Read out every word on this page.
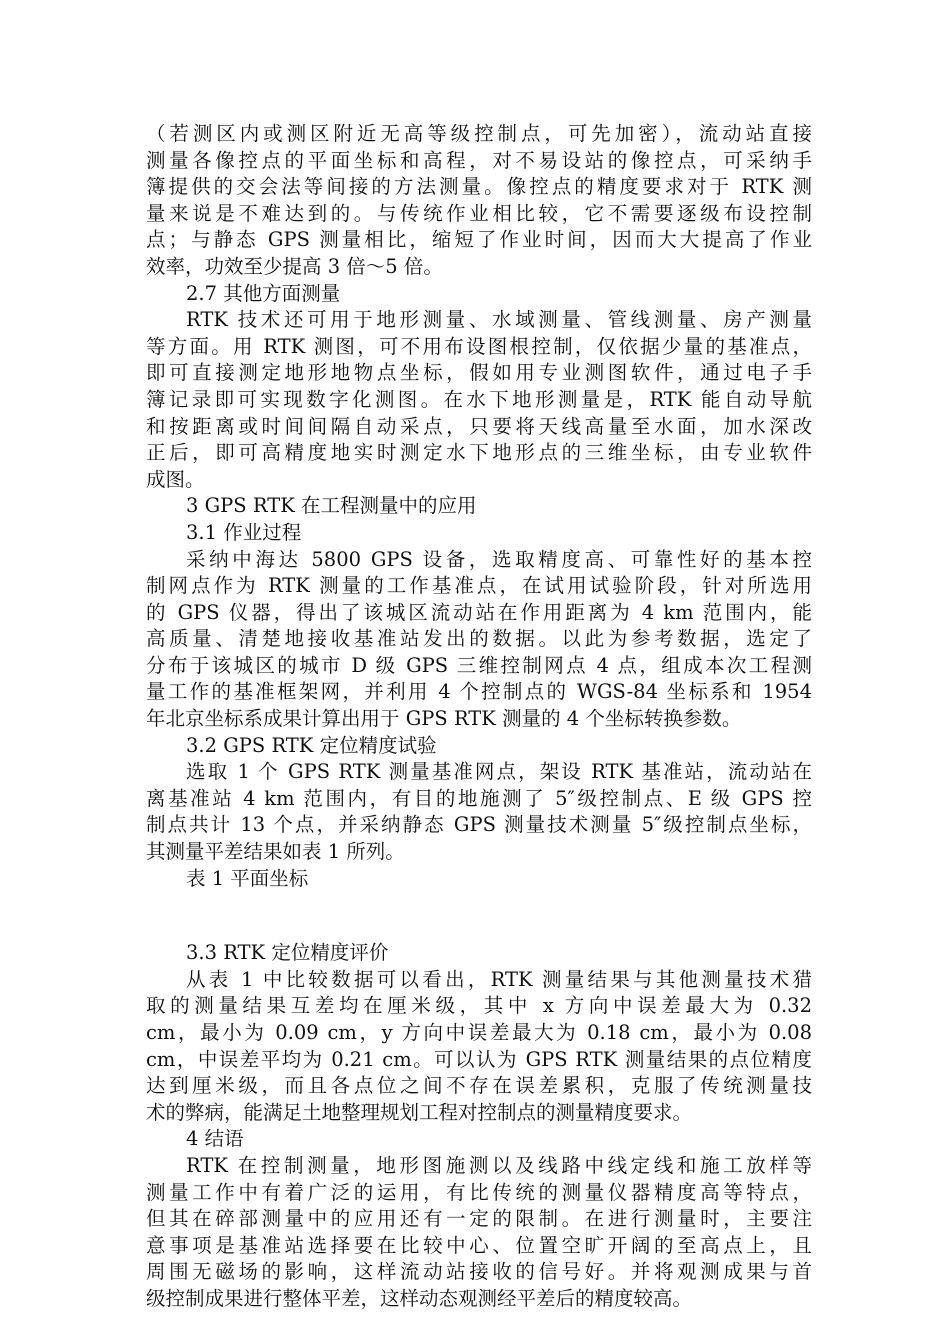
（若测区内或测区附近无高等级控制点，可先加密），流动站直接
测量各像控点的平面坐标和高程，对不易设站的像控点，可采纳手
簿提供的交会法等间接的方法测量。像控点的精度要求对于 RTK 测
量来说是不难达到的。与传统作业相比较，它不需要逐级布设控制
点；与静态 GPS 测量相比，缩短了作业时间，因而大大提高了作业
效率，功效至少提高 3 倍～5 倍。
2.7 其他方面测量
RTK 技术还可用于地形测量、水域测量、管线测量、房产测量
等方面。用 RTK 测图，可不用布设图根控制，仅依据少量的基准点，
即可直接测定地形地物点坐标，假如用专业测图软件，通过电子手
簿记录即可实现数字化测图。在水下地形测量是，RTK 能自动导航
和按距离或时间间隔自动采点，只要将天线高量至水面，加水深改
正后，即可高精度地实时测定水下地形点的三维坐标，由专业软件
成图。
3 GPS RTK 在工程测量中的应用
3.1 作业过程
采纳中海达 5800 GPS 设备，选取精度高、可靠性好的基本控
制网点作为 RTK 测量的工作基准点，在试用试验阶段，针对所选用
的 GPS 仪器，得出了该城区流动站在作用距离为 4 km 范围内，能
高质量、清楚地接收基准站发出的数据。以此为参考数据，选定了
分布于该城区的城市 D 级 GPS 三维控制网点 4 点，组成本次工程测
量工作的基准框架网，并利用 4 个控制点的 WGS-84 坐标系和 1954
年北京坐标系成果计算出用于 GPS RTK 测量的 4 个坐标转换参数。
3.2 GPS RTK 定位精度试验
选取 1 个 GPS RTK 测量基准网点，架设 RTK 基准站，流动站在
离基准站 4 km 范围内，有目的地施测了 5″级控制点、E 级 GPS 控
制点共计 13 个点，并采纳静态 GPS 测量技术测量 5″级控制点坐标，
其测量平差结果如表 1 所列。
表 1 平面坐标
3.3 RTK 定位精度评价
从表 1 中比较数据可以看出，RTK 测量结果与其他测量技术猎
取的测量结果互差均在厘米级，其中 x 方向中误差最大为 0.32
cm，最小为 0.09 cm，y 方向中误差最大为 0.18 cm，最小为 0.08
cm，中误差平均为 0.21 cm。可以认为 GPS RTK 测量结果的点位精度
达到厘米级，而且各点位之间不存在误差累积，克服了传统测量技
术的弊病，能满足土地整理规划工程对控制点的测量精度要求。
4 结语
RTK 在控制测量，地形图施测以及线路中线定线和施工放样等
测量工作中有着广泛的运用，有比传统的测量仪器精度高等特点，
但其在碎部测量中的应用还有一定的限制。在进行测量时，主要注
意事项是基准站选择要在比较中心、位置空旷开阔的至高点上，且
周围无磁场的影响，这样流动站接收的信号好。并将观测成果与首
级控制成果进行整体平差，这样动态观测经平差后的精度较高。
